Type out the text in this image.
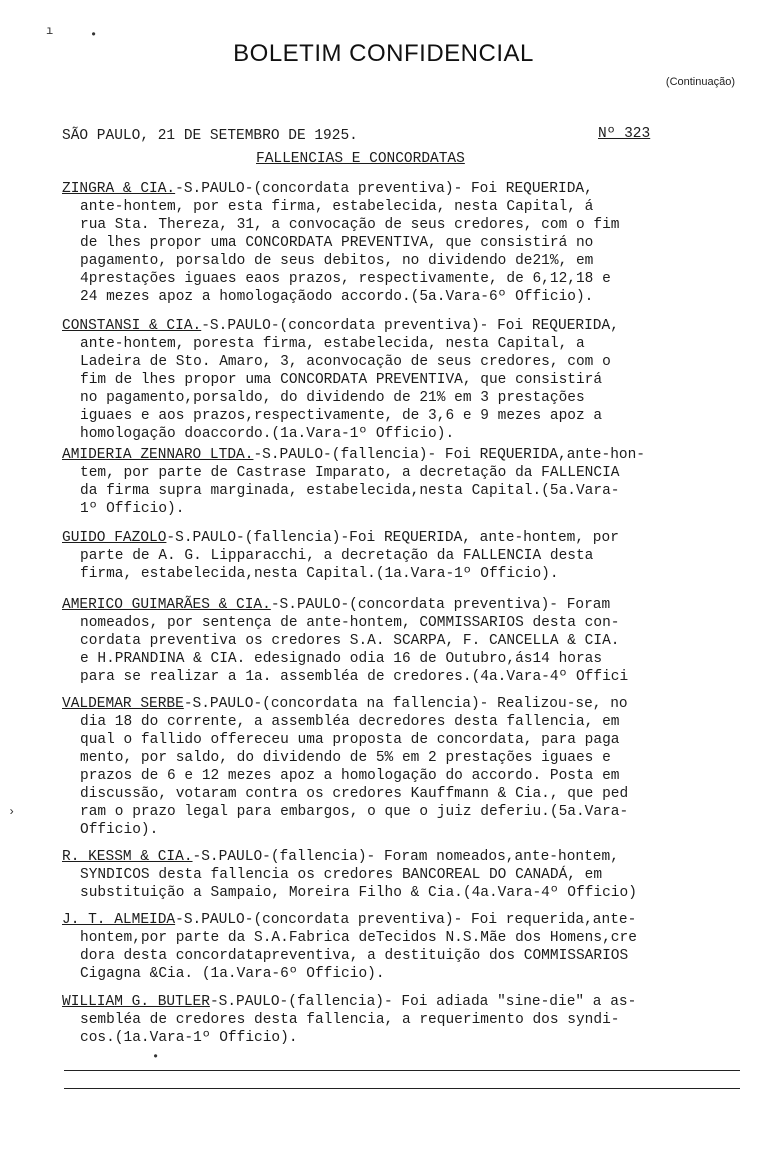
BOLETIM CONFIDENCIAL
(Continuação)
SÃO PAULO, 21 DE SETEMBRO DE 1925.	Nº 323
FALLENCIAS E CONCORDATAS
ZINGRA & CIA.-S.PAULO-(concordata preventiva)- Foi REQUERIDA,
ante-hontem, por esta firma, estabelecida, nesta Capital, á
rua Sta. Thereza, 31, a convocação de seus credores, com o fim
de lhes propor uma CONCORDATA PREVENTIVA, que consistirá no
pagamento, porsaldo de seus debitos, no dividendo de21%, em
4prestações iguaes eaos prazos, respectivamente, de 6,12,18 e
24 mezes apoz a homologaçãodo accordo.(5a.Vara-6º Officio).
CONSTANSI & CIA.-S.PAULO-(concordata preventiva)- Foi REQUERIDA,
ante-hontem, poresta firma, estabelecida, nesta Capital, a
Ladeira de Sto. Amaro, 3, aconvocação de seus credores, com o
fim de lhes propor uma CONCORDATA PREVENTIVA, que consistirá
no pagamento,porsaldo, do dividendo de 21% em 3 prestações
iguaes e aos prazos,respectivamente, de 3,6 e 9 mezes apoz a
homologação doaccordo.(1a.Vara-1º Officio).
AMIDERIA ZENNARO LTDA.-S.PAULO-(fallencia)- Foi REQUERIDA,ante-hon-
tem, por parte de Castrase Imparato, a decretação da FALLENCIA
da firma supra marginada, estabelecida,nesta Capital.(5a.Vara-
1º Officio).
GUIDO FAZOLO-S.PAULO-(fallencia)-Foi REQUERIDA, ante-hontem, por
parte de A. G. Lipparacchi, a decretação da FALLENCIA desta
firma, estabelecida,nesta Capital.(1a.Vara-1º Officio).
AMERICO GUIMARÃES & CIA.-S.PAULO-(concordata preventiva)- Foram
nomeados, por sentença de ante-hontem, COMMISSARIOS desta con-
cordata preventiva os credores S.A. SCARPA, F. CANCELLA & CIA.
e H.PRANDINA & CIA. edesignado odia 16 de Outubro,ás14 horas
para se realizar a 1a. assembléa de credores.(4a.Vara-4º Offici
VALDEMAR SERBE-S.PAULO-(concordata na fallencia)- Realizou-se, no
dia 18 do corrente, a assembléa decredores desta fallencia, em
qual o fallido offereceu uma proposta de concordata, para paga
mento, por saldo, do dividendo de 5% em 2 prestações iguaes e
prazos de 6 e 12 mezes apoz a homologação do accordo. Posta em
discussão, votaram contra os credores Kauffmann & Cia., que ped
ram o prazo legal para embargos, o que o juiz deferiu.(5a.Vara-
Officio).
R. KESSM & CIA.-S.PAULO-(fallencia)- Foram nomeados,ante-hontem,
SYNDICOS desta fallencia os credores BANCOREAL DO CANADÁ, em
substituição a Sampaio, Moreira Filho & Cia.(4a.Vara-4º Officio)
J. T. ALMEIDA-S.PAULO-(concordata preventiva)- Foi requerida,ante-
hontem,por parte da S.A.Fabrica deTecidos N.S.Mãe dos Homens,cre
dora desta concordatapreventiva, a destituição dos COMMISSARIOS
Cigagna &Cia. (1a.Vara-6º Officio).
WILLIAM G. BUTLER-S.PAULO-(fallencia)- Foi adiada "sine-die" a as-
sembléa de credores desta fallencia, a requerimento dos syndi-
cos.(1a.Vara-1º Officio).
ı	•
•
›
